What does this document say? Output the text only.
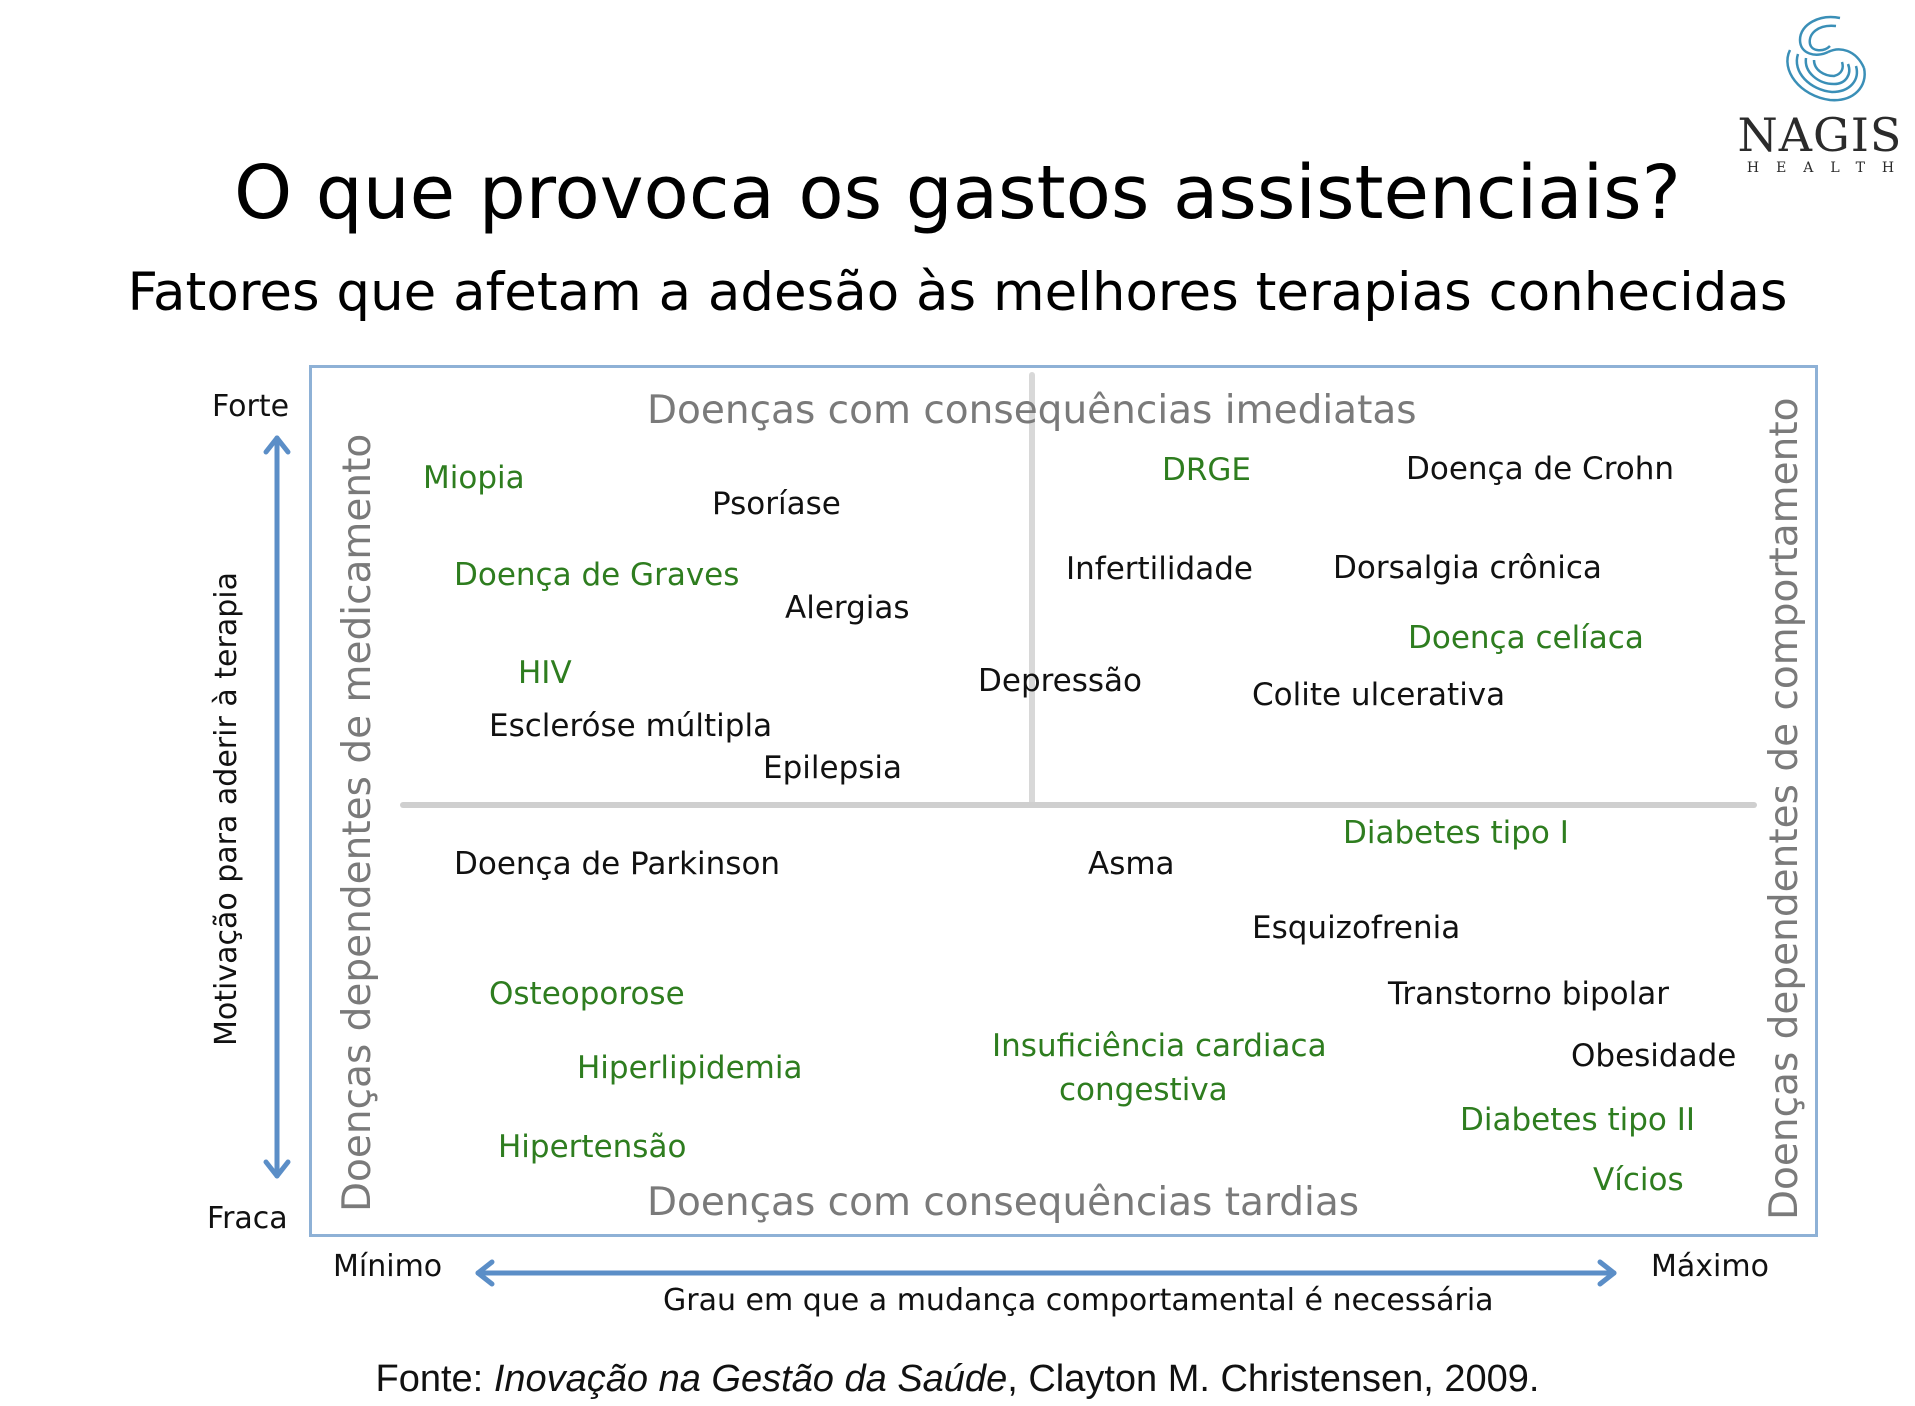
NAGIS
HEALTH
O que provoca os gastos assistenciais?
Fatores que afetam a adesão às melhores terapias conhecidas
Doenças com consequências imediatas
Doenças com consequências tardias
Doenças dependentes de medicamento	Doenças dependentes de comportamento
Miopia
Psoríase
Doença de Graves
Alergias
HIV
Escleróse múltipla
Epilepsia
DRGE	Doença de Crohn
Infertilidade	Dorsalgia crônica
Doença celíaca
Depressão	Colite ulcerativa
Doença de Parkinson	Asma
Diabetes tipo I
Esquizofrenia
Osteoporose	Transtorno bipolar
Insuficiência cardiaca
congestiva
Obesidade
Hiperlipidemia
Diabetes tipo II
Hipertensão
Vícios
Forte
Fraca
Motivação para aderir à terapia
Mínimo	Máximo
Grau em que a mudança comportamental é necessária
Fonte: Inovação na Gestão da Saúde, Clayton M. Christensen, 2009.
